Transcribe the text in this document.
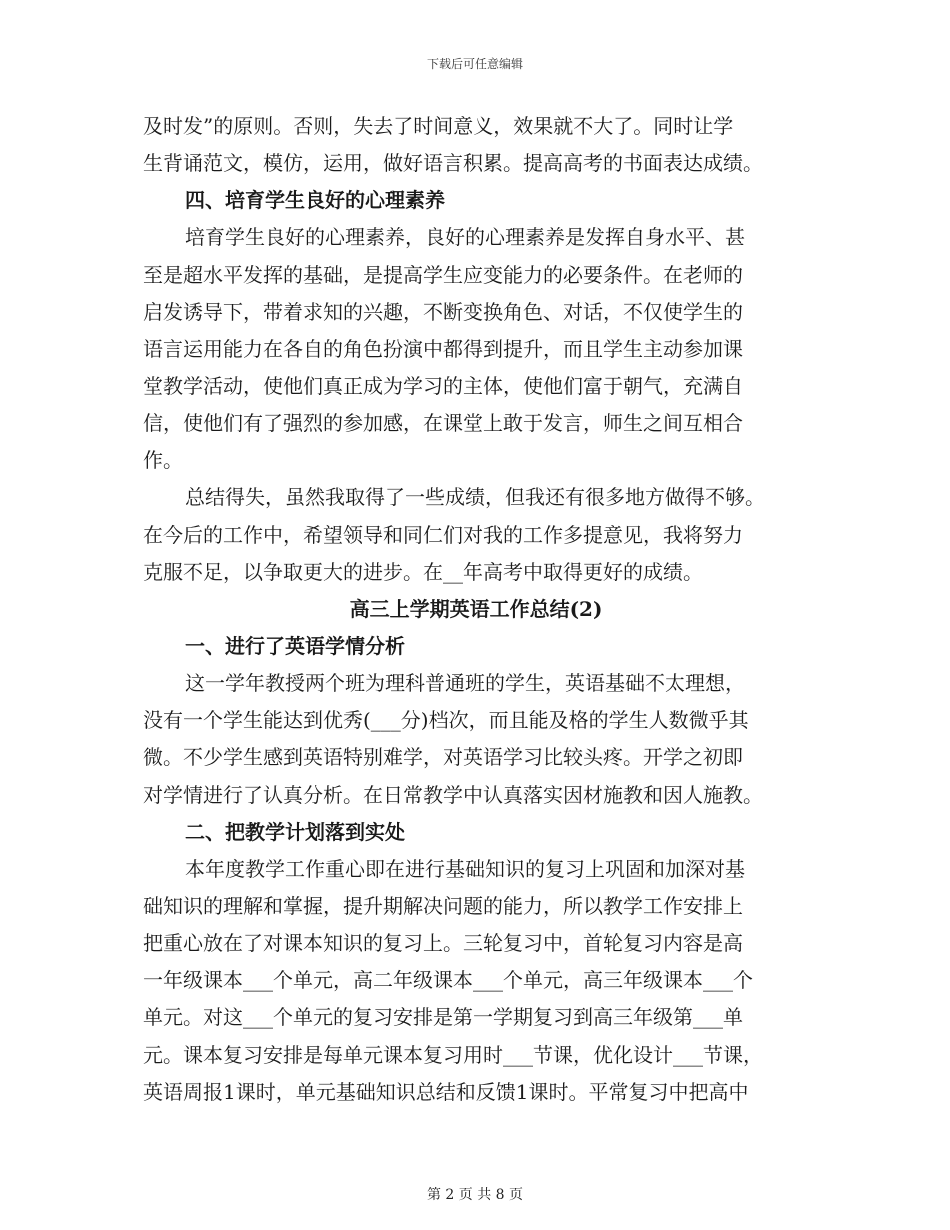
下载后可任意编辑
及时发”的原则。否则，失去了时间意义，效果就不大了。同时让学
生背诵范文，模仿，运用，做好语言积累。提高高考的书面表达成绩。
四、培育学生良好的心理素养
培育学生良好的心理素养，良好的心理素养是发挥自身水平、甚
至是超水平发挥的基础，是提高学生应变能力的必要条件。在老师的
启发诱导下，带着求知的兴趣，不断变换角色、对话，不仅使学生的
语言运用能力在各自的角色扮演中都得到提升，而且学生主动参加课
堂教学活动，使他们真正成为学习的主体，使他们富于朝气，充满自
信，使他们有了强烈的参加感，在课堂上敢于发言，师生之间互相合
作。
总结得失，虽然我取得了一些成绩，但我还有很多地方做得不够。
在今后的工作中，希望领导和同仁们对我的工作多提意见，我将努力
克服不足，以争取更大的进步。在__年高考中取得更好的成绩。
高三上学期英语工作总结(2)
一、进行了英语学情分析
这一学年教授两个班为理科普通班的学生，英语基础不太理想，
没有一个学生能达到优秀(___分)档次，而且能及格的学生人数微乎其
微。不少学生感到英语特别难学，对英语学习比较头疼。开学之初即
对学情进行了认真分析。在日常教学中认真落实因材施教和因人施教。
二、把教学计划落到实处
本年度教学工作重心即在进行基础知识的复习上巩固和加深对基
础知识的理解和掌握，提升期解决问题的能力，所以教学工作安排上
把重心放在了对课本知识的复习上。三轮复习中，首轮复习内容是高
一年级课本___个单元，高二年级课本___个单元，高三年级课本___个
单元。对这___个单元的复习安排是第一学期复习到高三年级第___单
元。课本复习安排是每单元课本复习用时___节课，优化设计___节课，
英语周报1课时，单元基础知识总结和反馈1课时。平常复习中把高中
第 2 页 共 8 页
